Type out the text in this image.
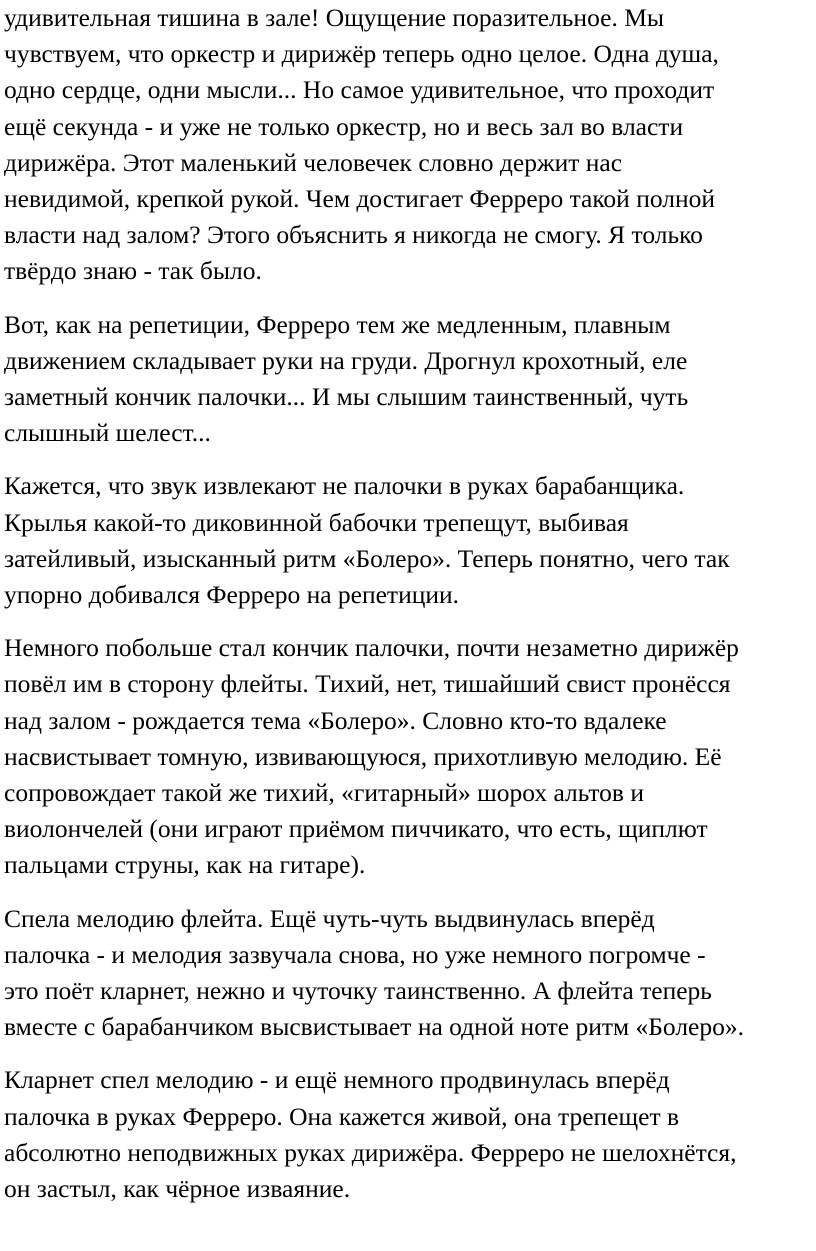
удивительная тишина в зале! Ощущение поразительное. Мы
чувствуем, что оркестр и дирижёр теперь одно целое. Одна душа,
одно сердце, одни мысли... Но самое удивительное, что проходит
ещё секунда - и уже не только оркестр, но и весь зал во власти
дирижёра. Этот маленький человечек словно держит нас
невидимой, крепкой рукой. Чем достигает Ферреро такой полной
власти над залом? Этого объяснить я никогда не смогу. Я только
твёрдо знаю - так было.

Вот, как на репетиции, Ферреро тем же медленным, плавным
движением складывает руки на груди. Дрогнул крохотный, еле
заметный кончик палочки... И мы слышим таинственный, чуть
слышный шелест...

Кажется, что звук извлекают не палочки в руках барабанщика.
Крылья какой-то диковинной бабочки трепещут, выбивая
затейливый, изысканный ритм «Болеро». Теперь понятно, чего так
упорно добивался Ферреро на репетиции.

Немного побольше стал кончик палочки, почти незаметно дирижёр
повёл им в сторону флейты. Тихий, нет, тишайший свист пронёсся
над залом - рождается тема «Болеро». Словно кто-то вдалеке
насвистывает томную, извивающуюся, прихотливую мелодию. Её
сопровождает такой же тихий, «гитарный» шорох альтов и
виолончелей (они играют приёмом пиччикато, что есть, щиплют
пальцами струны, как на гитаре).

Спела мелодию флейта. Ещё чуть-чуть выдвинулась вперёд
палочка - и мелодия зазвучала снова, но уже немного погромче -
это поёт кларнет, нежно и чуточку таинственно. А флейта теперь
вместе с барабанчиком высвистывает на одной ноте ритм «Болеро».

Кларнет спел мелодию - и ещё немного продвинулась вперёд
палочка в руках Ферреро. Она кажется живой, она трепещет в
абсолютно неподвижных руках дирижёра. Ферреро не шелохнётся,
он застыл, как чёрное изваяние.
